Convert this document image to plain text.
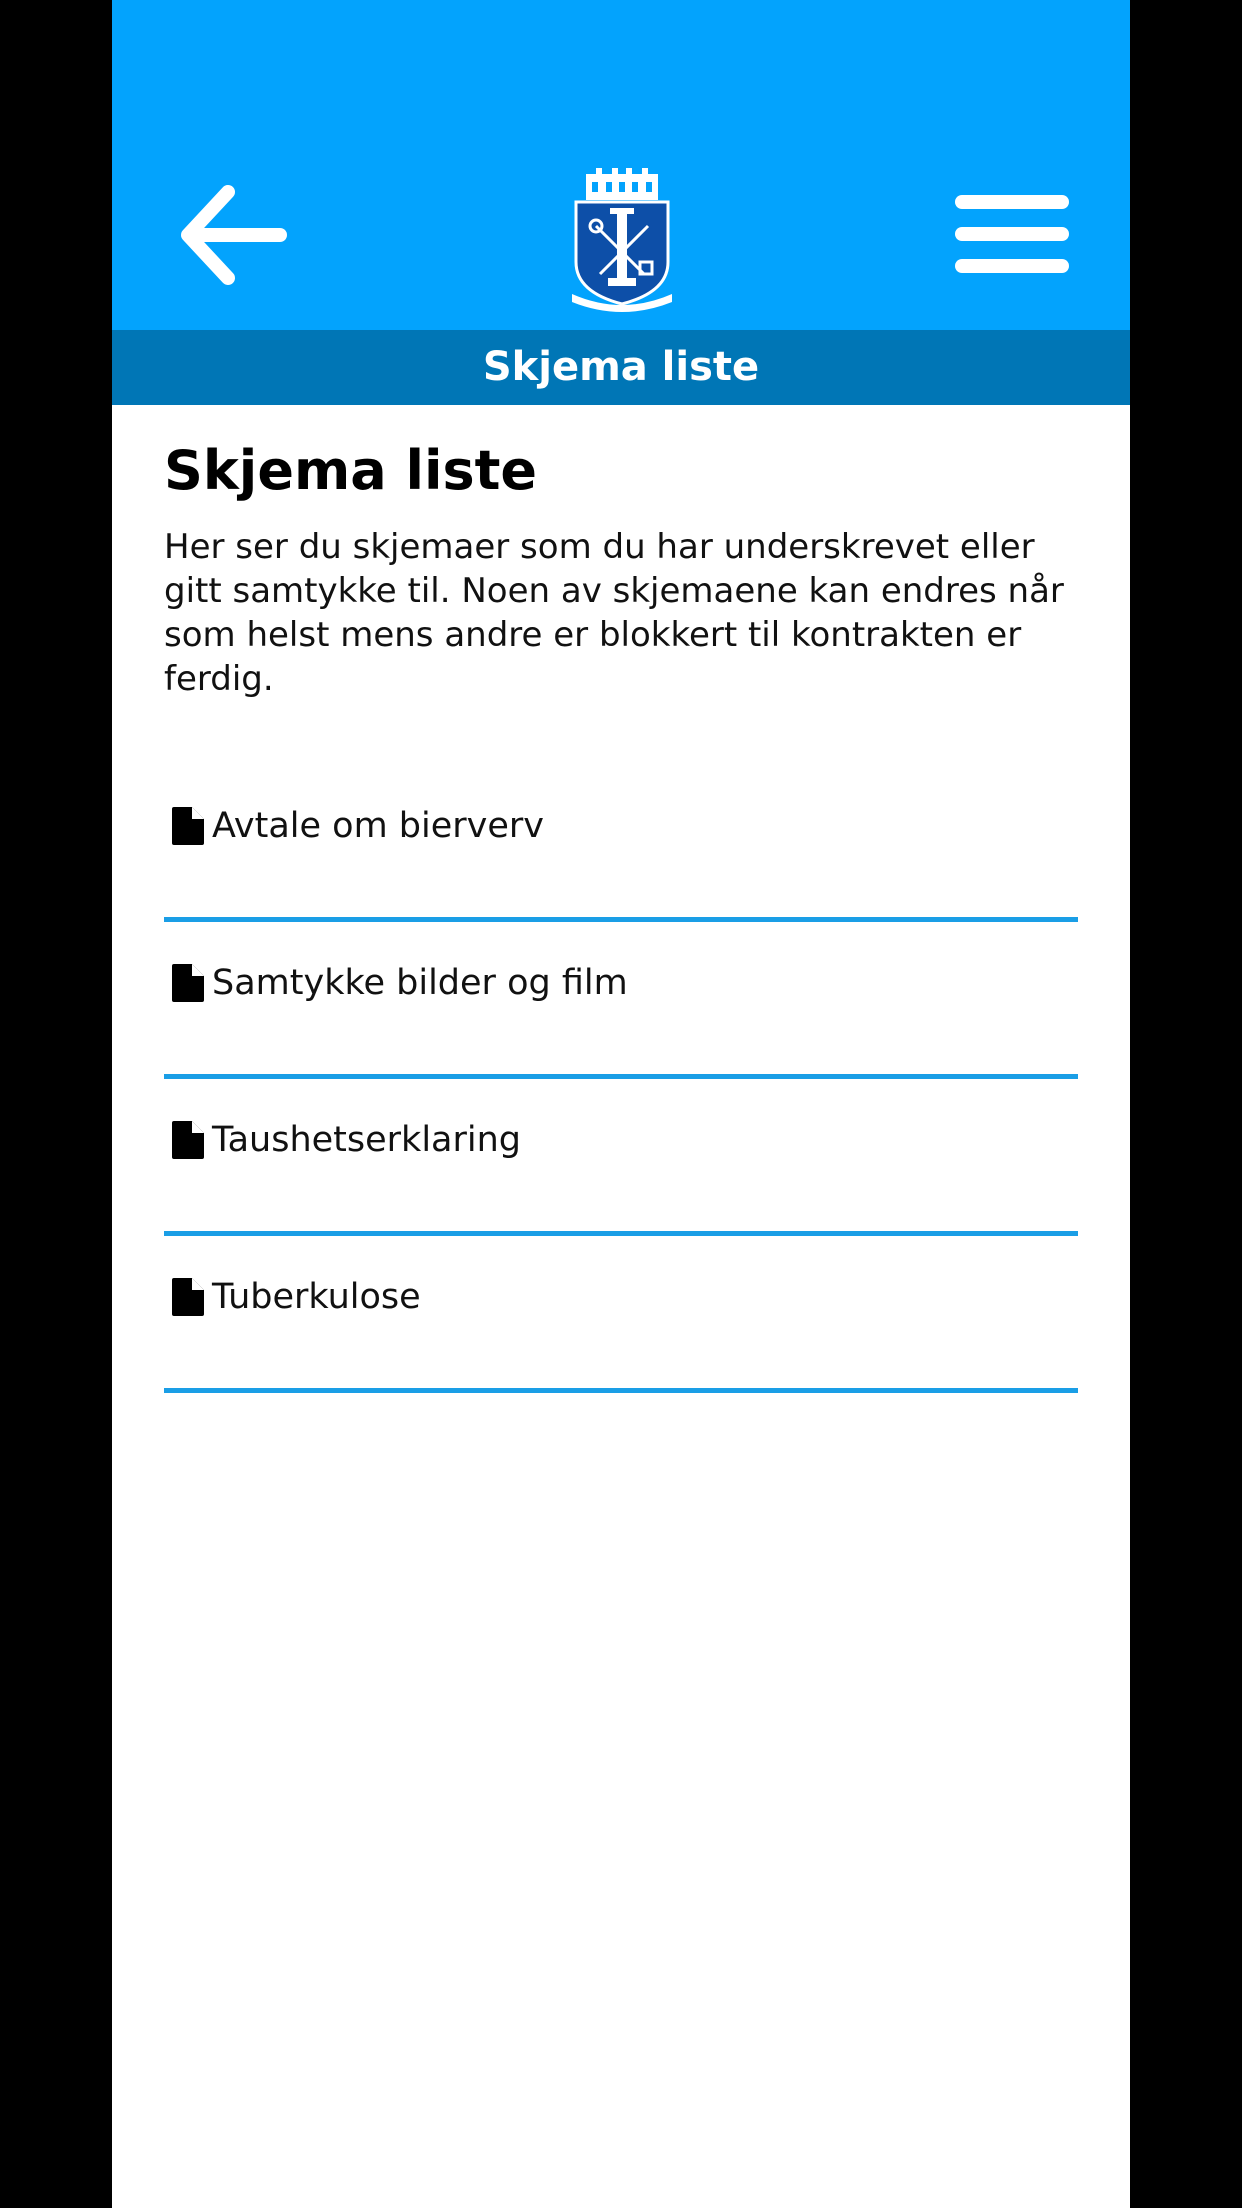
Skjema liste
Skjema liste

Her ser du skjemaer som du har underskrevet eller gitt samtykke til. Noen av skjemaene kan endres når som helst mens andre er blokkert til kontrakten er ferdig.

Avtale om bierverv
Samtykke bilder og film
Taushetserklaring
Tuberkulose
